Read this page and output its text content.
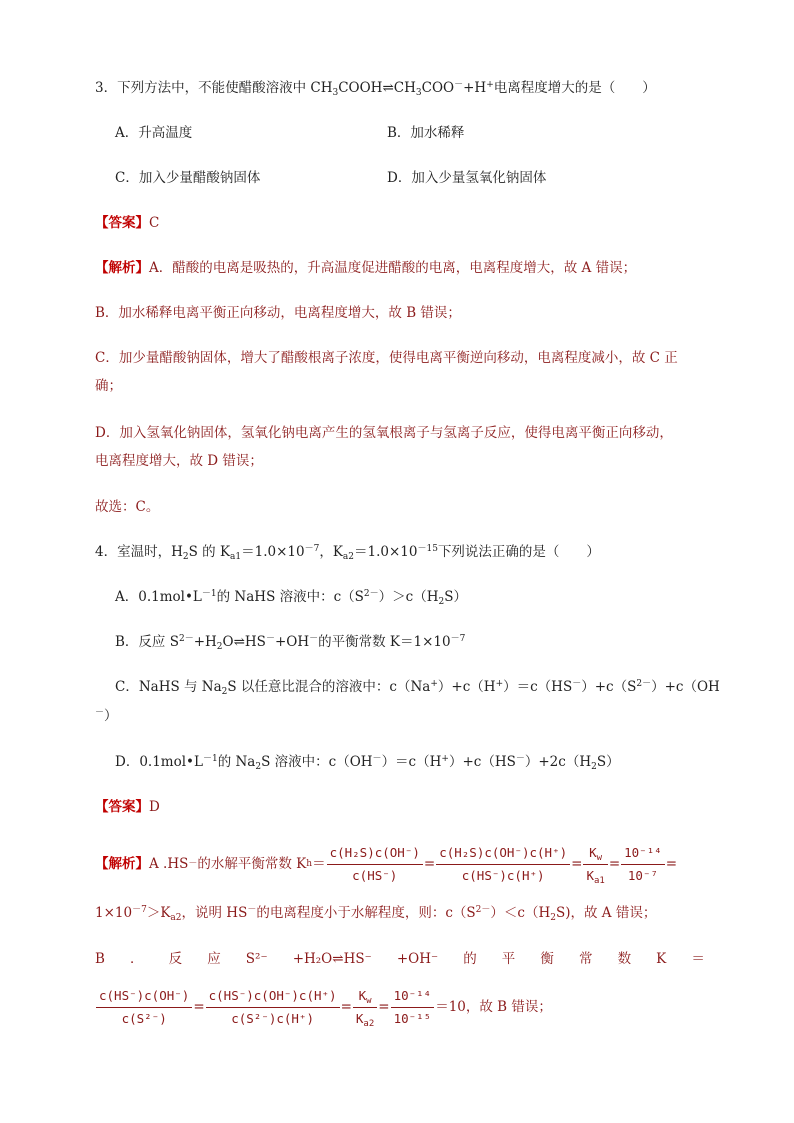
3．下列方法中，不能使醋酸溶液中 $CH_3COOH\rightleftharpoons CH_3COO^-+H^+$电离程度增大的是（　　）
A．升高温度	B．加水稀释
C．加入少量醋酸钠固体	D．加入少量氢氧化钠固体
【答案】C
【解析】A．醋酸的电离是吸热的，升高温度促进醋酸的电离，电离程度增大，故 A 错误；
B．加水稀释电离平衡正向移动，电离程度增大，故 B 错误；
C．加少量醋酸钠固体，增大了醋酸根离子浓度，使得电离平衡逆向移动，电离程度减小，故 C 正
确；
D．加入氢氧化钠固体，氢氧化钠电离产生的氢氧根离子与氢离子反应，使得电离平衡正向移动，
电离程度增大，故 D 错误；
故选：C。
4．室温时，$H_2S$ 的 $K_{a1}=1.0\times 10^{-7}$，$K_{a2}=1.0\times 10^{-15}$下列说法正确的是（　　）
A．$0.1mol•L^{-1}$的 NaHS 溶液中：$c(S^{2-})>c(H_2S)$
B．反应 $S^{2-}+H_2O\rightleftharpoons HS^-+OH^-$的平衡常数 $K=1\times 10^{-7}$
C．NaHS 与 $Na_2S$ 以任意比混合的溶液中：$c(Na^+)+c(H^+)=c(HS^-)+c(S^{2-})+c(OH$
－）
D．$0.1mol•L^{-1}$的 $Na_2S$ 溶液中：$c(OH^-)=c(H^+)+c(HS^-)+2c(H_2S)$
【答案】D
【解析】 A .HS － 的水解平衡常数 K $h = \frac{\text{c(H₂S)c(OH⁻)}}{c(HS^-)} = \frac{\text{c(H₂S)c(OH⁻)c(H⁺)}}{c(HS^-)c(H^+)} = \frac{K_w}{K_{a1}} = \frac{\text{10⁻¹⁴}}{\text{10⁻⁷}}$ =
$1\times 10^{-7}>K_{a2}$，说明 HS－的电离程度小于水解程度，则：$c(S^{2-})<c(H_2S)$，故 A 错误；
B ． 反 应 S²⁻ +H₂O⇌HS⁻ +OH⁻ 的 平 衡 常 数 K ＝
$\frac{c(HS^-)c(OH^-)}{\text{c(S²⁻)}} = \frac{c(HS^-)c(OH^-)c(H^+)}{\text{c(S²⁻)c(H⁺)}} = \frac{K_w}{K_{a2}} = \frac{\text{10⁻¹⁴}}{\text{10⁻¹⁵}} =10$，故 B 错误；
